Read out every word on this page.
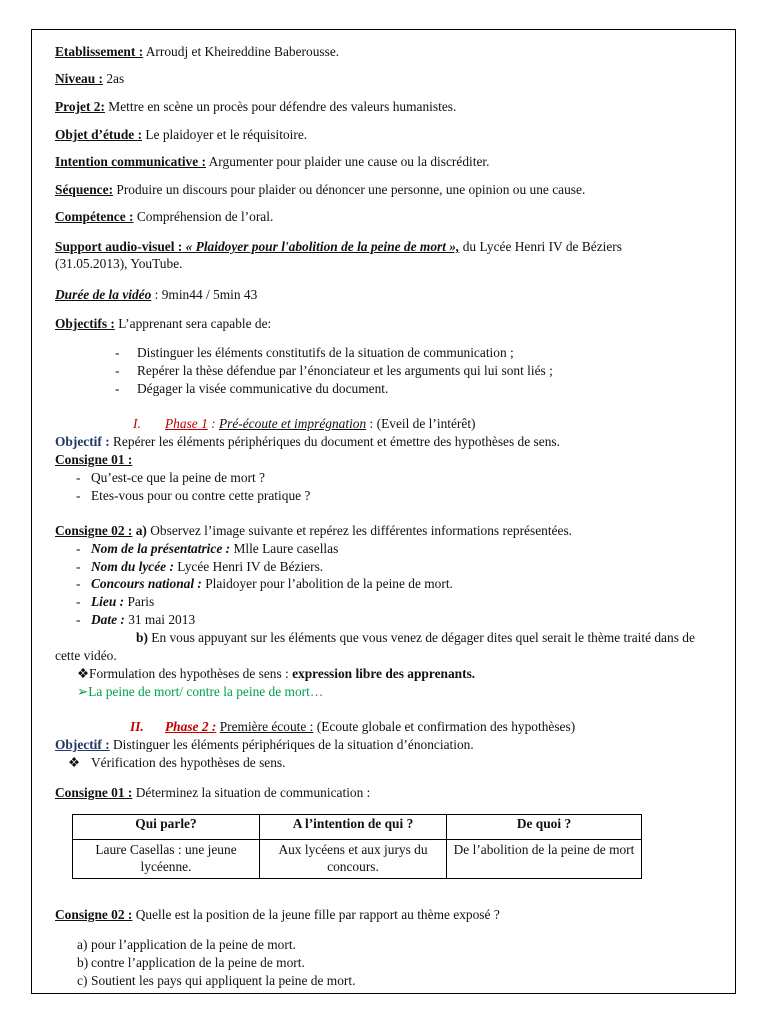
Etablissement : Arroudj et Kheireddine Baberousse.
Niveau : 2as
Projet 2: Mettre en scène un procès pour défendre des valeurs humanistes.
Objet d’étude : Le plaidoyer et le réquisitoire.
Intention communicative : Argumenter pour plaider une cause ou la discréditer.
Séquence: Produire un discours pour plaider ou dénoncer une personne, une opinion ou une cause.
Compétence : Compréhension de l’oral.
Support audio-visuel : « Plaidoyer pour l'abolition de la peine de mort », du Lycée Henri IV de Béziers
(31.05.2013), YouTube.
Durée de la vidéo : 9min44 / 5min 43
Objectifs : L’apprenant sera capable de:
- Distinguer les éléments constitutifs de la situation de communication ;
- Repérer la thèse défendue par l’énonciateur et les arguments qui lui sont liés ;
- Dégager la visée communicative du document.
I. Phase 1 : Pré-écoute et imprégnation : (Eveil de l’intérêt)
Objectif : Repérer les éléments périphériques du document et émettre des hypothèses de sens.
Consigne 01 :
- Qu’est-ce que la peine de mort ?
- Etes-vous pour ou contre cette pratique ?
Consigne 02 : a) Observez l’image suivante et repérez les différentes informations représentées.
- Nom de la présentatrice : Mlle Laure casellas
- Nom du lycée : Lycée Henri IV de Béziers.
- Concours national : Plaidoyer pour l’abolition de la peine de mort.
- Lieu : Paris
- Date : 31 mai 2013
b) En vous appuyant sur les éléments que vous venez de dégager dites quel serait le thème traité dans de
cette vidéo.
❖Formulation des hypothèses de sens : expression libre des apprenants.
➢La peine de mort/ contre la peine de mort…
II. Phase 2 : Première écoute : (Ecoute globale et confirmation des hypothèses)
Objectif : Distinguer les éléments périphériques de la situation d’énonciation.
❖ Vérification des hypothèses de sens.
Consigne 01 : Déterminez la situation de communication :
Qui parle?	A l’intention de qui ?	De quoi ?
Laure Casellas : une jeune lycéenne.	Aux lycéens et aux jurys du concours.	De l’abolition de la peine de mort
Consigne 02 : Quelle est la position de la jeune fille par rapport au thème exposé ?
a) pour l’application de la peine de mort.
b) contre l’application de la peine de mort.
c) Soutient les pays qui appliquent la peine de mort.
